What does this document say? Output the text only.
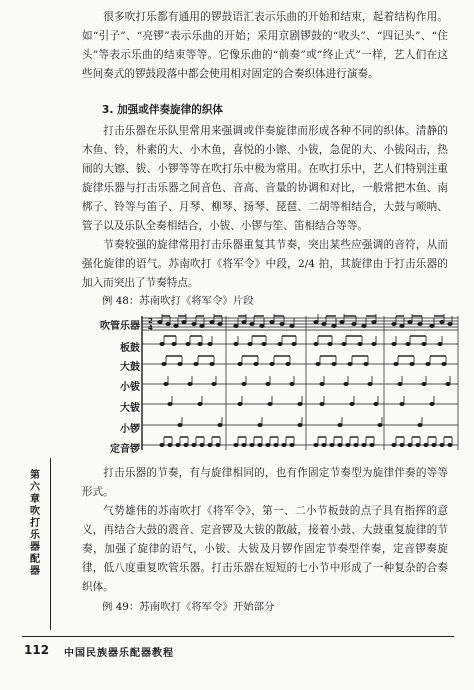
很多吹打乐都有通用的锣鼓语汇表示乐曲的开始和结束，起着结构作用。如“引子”、“亮锣”表示乐曲的开始；采用京剧锣鼓的“收头”、“四记头”、“住头”等表示乐曲的结束等等。它像乐曲的“前奏”或“终止式”一样，艺人们在这些间奏式的锣鼓段落中都会使用相对固定的合奏织体进行演奏。

3. 加强或伴奏旋律的织体

打击乐器在乐队里常用来强调或伴奏旋律而形成各种不同的织体。清静的木鱼、铃，朴素的大、小木鱼，喜悦的小镲、小钹，急促的大、小钹闷击，热闹的大镲、钹、小锣等等在吹打乐中极为常用。在吹打乐中，艺人们特别注重旋律乐器与打击乐器之间音色、音高、音量的协调和对比，一般常把木鱼、南梆子、铃等与笛子、月琴、柳琴、扬琴、琵琶、二胡等相结合，大鼓与唢呐、管子以及乐队全奏相结合，小钹、小锣与笙、笛相结合等等。

节奏较强的旋律常用打击乐器重复其节奏，突出某些应强调的音符，从而强化旋律的语气。苏南吹打《将军令》中段，2/4 拍，其旋律由于打击乐器的加入而突出了节奏特点。

例 48：苏南吹打《将军令》片段

吹管乐器
板鼓
大鼓
小钹
大钹
小锣
定音锣
2
4

打击乐器的节奏，有与旋律相同的，也有作固定节奏型为旋律伴奏的等等形式。

气势雄伟的苏南吹打《将军令》，第一、二小节板鼓的点子具有指挥的意义，再结合大鼓的震音、定音锣及大钹的散敲，接着小鼓、大鼓重复旋律的节奏，加强了旋律的语气，小钹、大钹及月锣作固定节奏型伴奏，定音锣奏旋律，低八度重复吹管乐器。打击乐器在短短的七小节中形成了一种复杂的合奏织体。

例 49：苏南吹打《将军令》开始部分

第六章 吹打乐器配器
112 中国民族器乐配器教程
